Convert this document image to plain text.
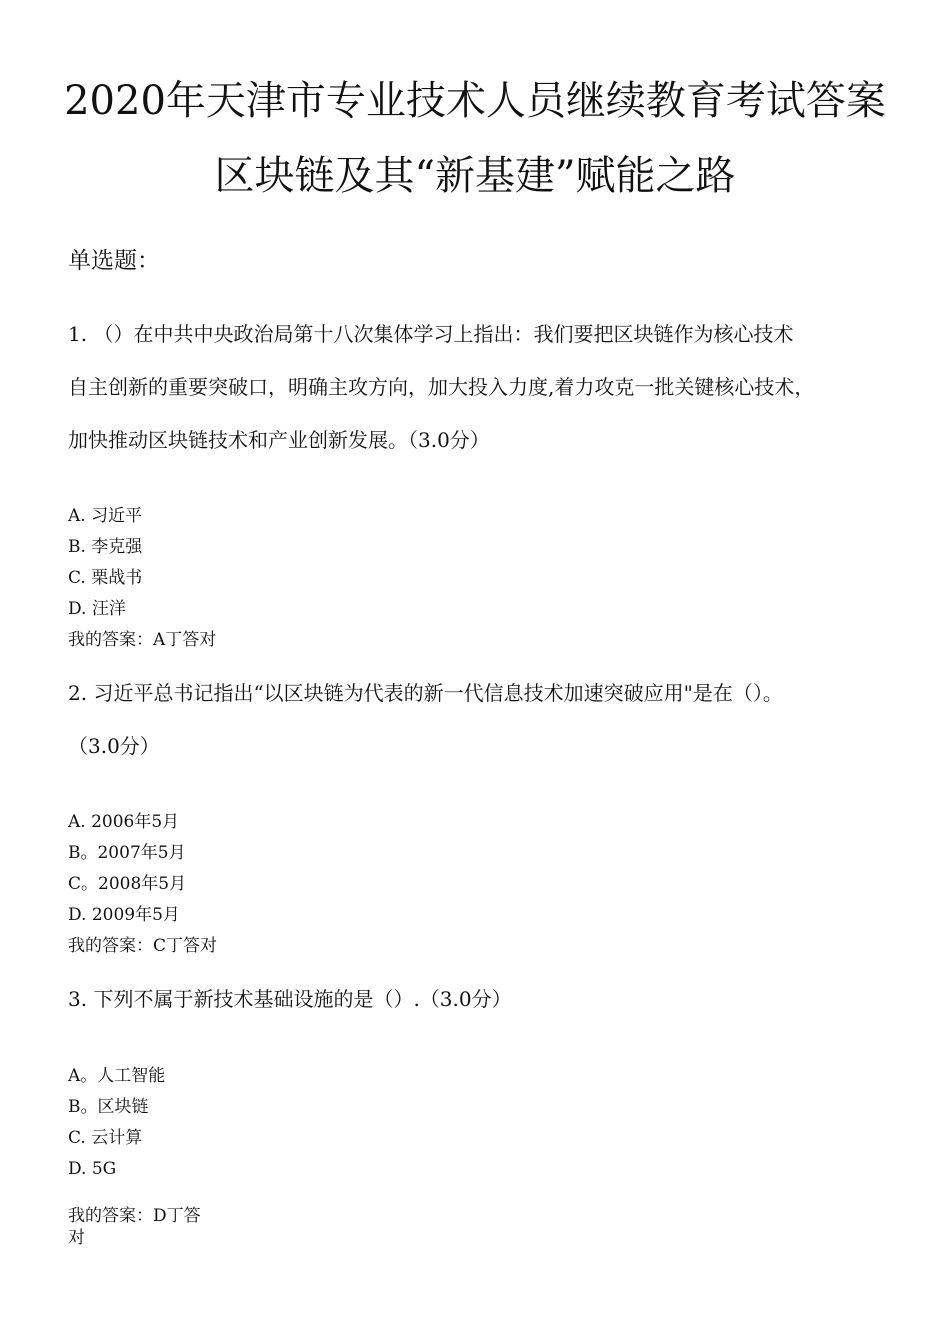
2020年天津市专业技术人员继续教育考试答案
区块链及其“新基建”赋能之路
单选题：
1. （）在中共中央政治局第十八次集体学习上指出：我们要把区块链作为核心技术
自主创新的重要突破口，明确主攻方向，加大投入力度,着力攻克一批关键核心技术，
加快推动区块链技术和产业创新发展。（3.0分）
A. 习近平
B. 李克强
C. 栗战书
D. 汪洋
我的答案：A丁答对
2. 习近平总书记指出“以区块链为代表的新一代信息技术加速突破应用"是在（）。
（3.0分）
A. 2006年5月
B。2007年5月
C。2008年5月
D. 2009年5月
我的答案：C丁答对
3. 下列不属于新技术基础设施的是（）.（3.0分）
A。人工智能
B。区块链
C. 云计算
D. 5G
我的答案：D丁答
对
